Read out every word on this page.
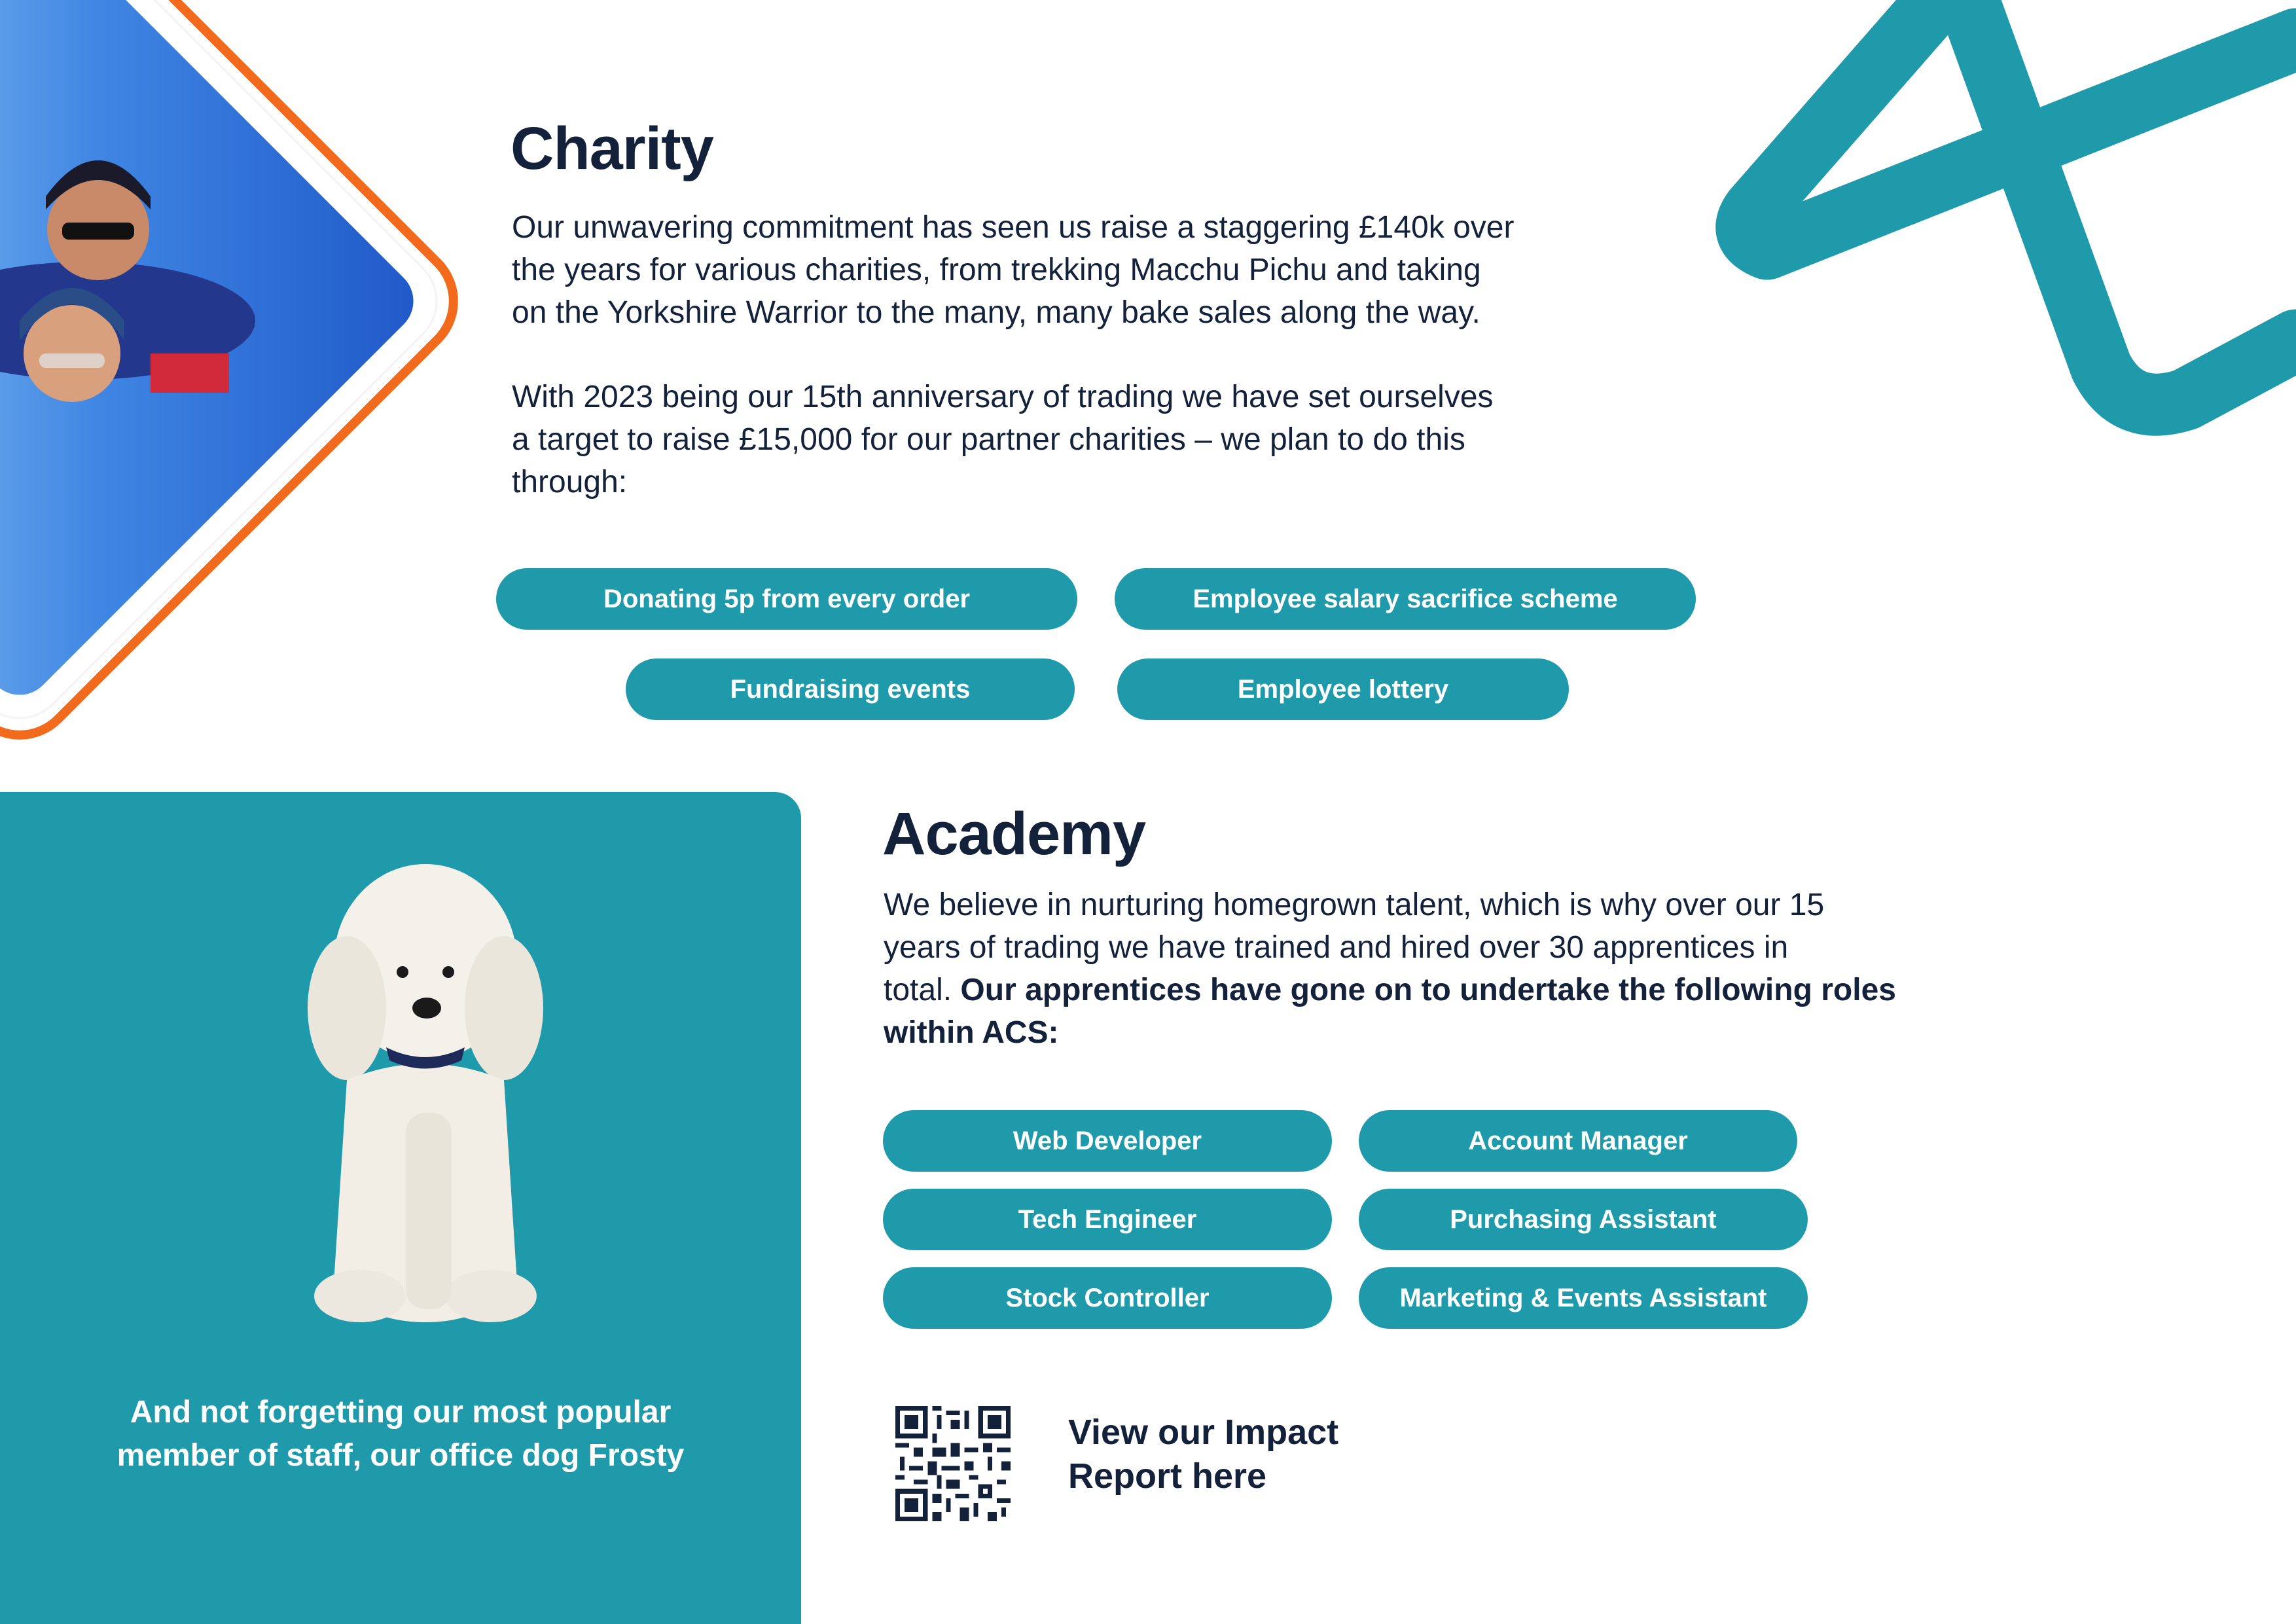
Charity

Our unwavering commitment has seen us raise a staggering £140k over
the years for various charities, from trekking Macchu Pichu and taking
on the Yorkshire Warrior to the many, many bake sales along the way.

With 2023 being our 15th anniversary of trading we have set ourselves
a target to raise £15,000 for our partner charities – we plan to do this
through:

Donating 5p from every order	Employee salary sacrifice scheme
Fundraising events	Employee lottery
And not forgetting our most popular
member of staff, our office dog Frosty
Academy

We believe in nurturing homegrown talent, which is why over our 15
years of trading we have trained and hired over 30 apprentices in
total. Our apprentices have gone on to undertake the following roles
within ACS:

Web Developer	Account Manager
Tech Engineer	Purchasing Assistant
Stock Controller	Marketing & Events Assistant
View our Impact
Report here
